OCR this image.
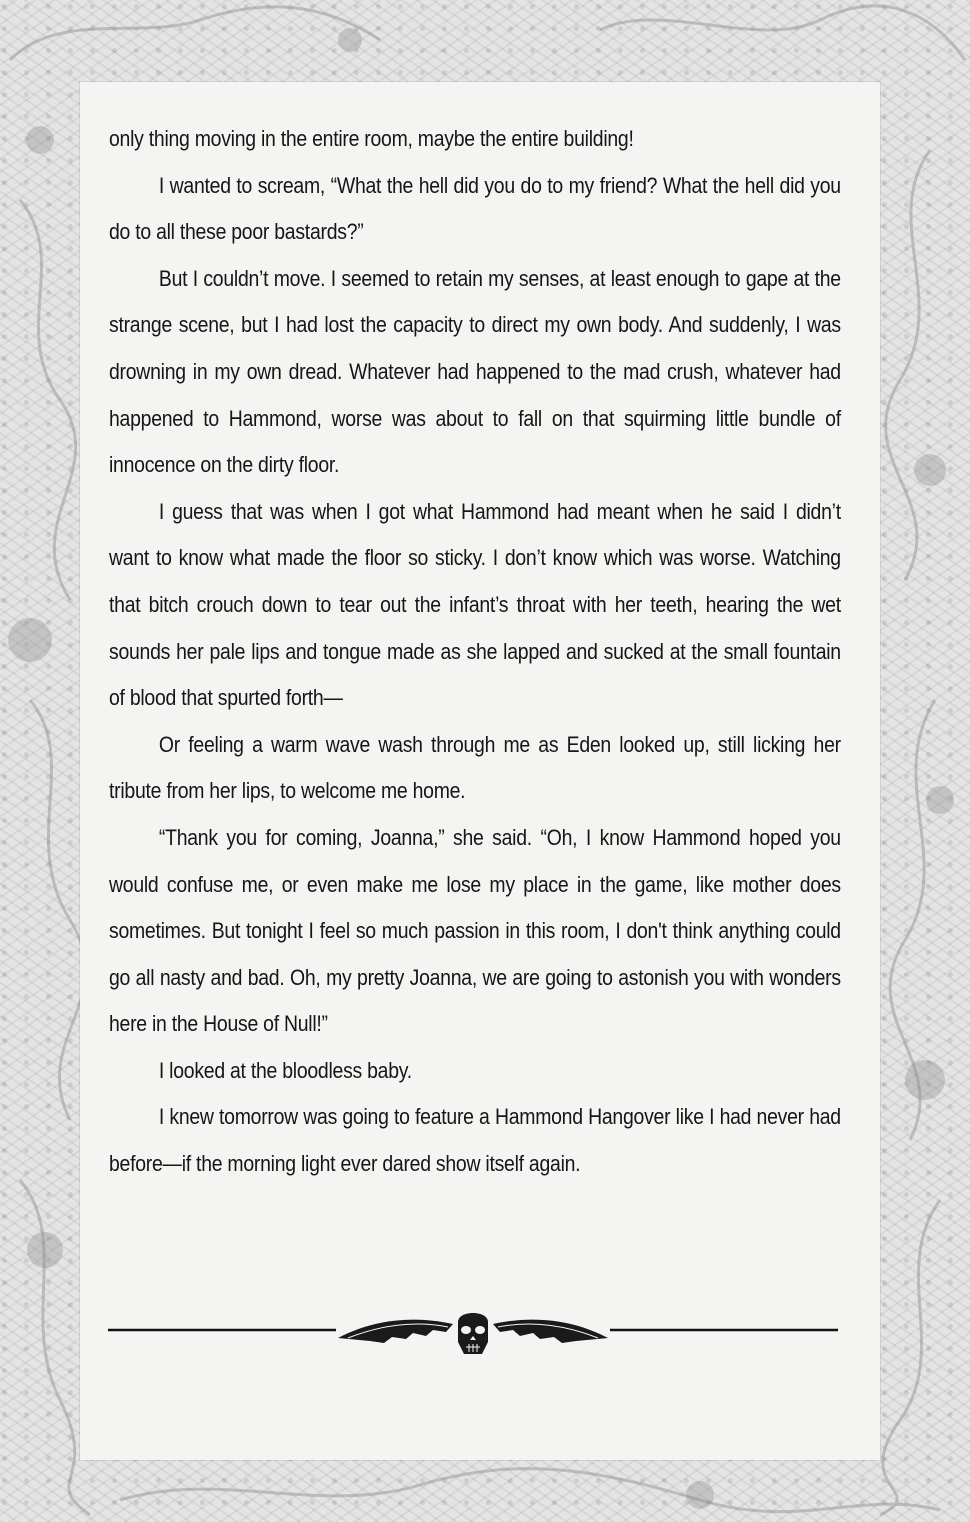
only thing moving in the entire room, maybe the entire building!

I wanted to scream, “What the hell did you do to my friend? What the hell did you do to all these poor bastards?”

But I couldn’t move. I seemed to retain my senses, at least enough to gape at the strange scene, but I had lost the capacity to direct my own body. And suddenly, I was drowning in my own dread. Whatever had happened to the mad crush, whatever had happened to Hammond, worse was about to fall on that squirming little bundle of innocence on the dirty floor.

I guess that was when I got what Hammond had meant when he said I didn’t want to know what made the floor so sticky. I don’t know which was worse. Watching that bitch crouch down to tear out the infant’s throat with her teeth, hearing the wet sounds her pale lips and tongue made as she lapped and sucked at the small fountain of blood that spurted forth—

Or feeling a warm wave wash through me as Eden looked up, still licking her tribute from her lips, to welcome me home.

“Thank you for coming, Joanna,” she said. “Oh, I know Hammond hoped you would confuse me, or even make me lose my place in the game, like mother does sometimes. But tonight I feel so much passion in this room, I don't think anything could go all nasty and bad. Oh, my pretty Joanna, we are going to astonish you with wonders here in the House of Null!”

I looked at the bloodless baby.

I knew tomorrow was going to feature a Hammond Hangover like I had never had before—if the morning light ever dared show itself again.
